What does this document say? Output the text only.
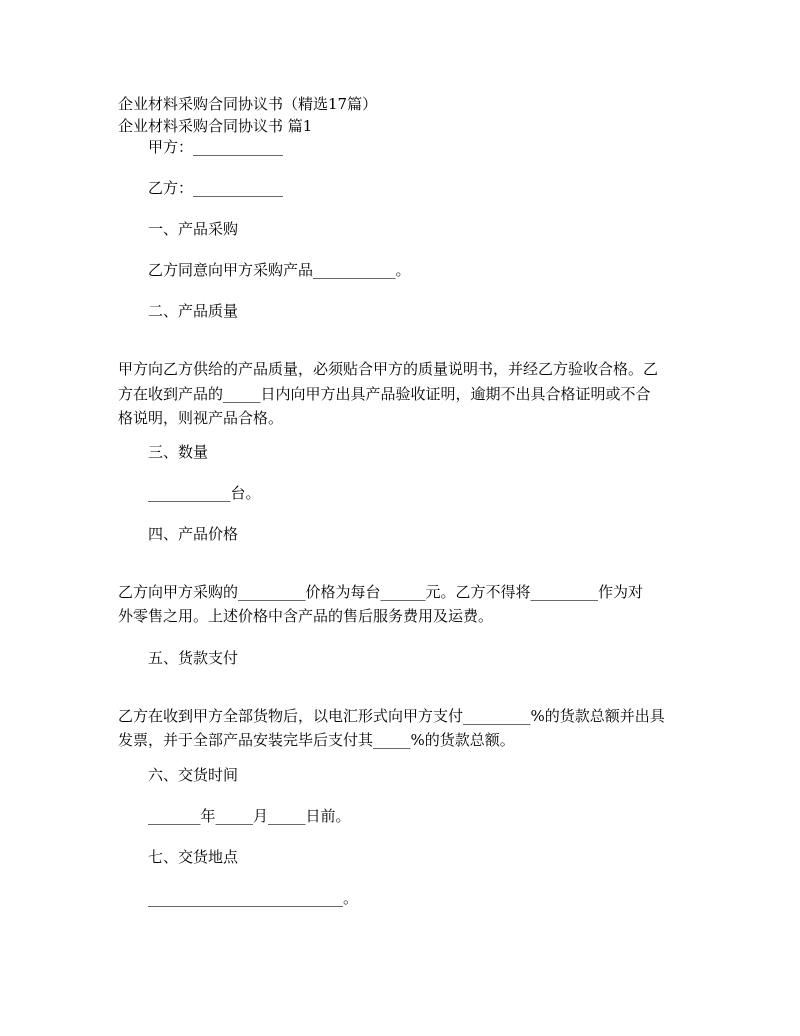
企业材料采购合同协议书（精选17篇）
企业材料采购合同协议书 篇1
甲方：____________
乙方：____________
一、产品采购
乙方同意向甲方采购产品___________。
二、产品质量
甲方向乙方供给的产品质量，必须贴合甲方的质量说明书，并经乙方验收合格。乙
方在收到产品的_____日内向甲方出具产品验收证明，逾期不出具合格证明或不合
格说明，则视产品合格。
三、数量
___________台。
四、产品价格
乙方向甲方采购的_________价格为每台______元。乙方不得将_________作为对
外零售之用。上述价格中含产品的售后服务费用及运费。
五、货款支付
乙方在收到甲方全部货物后，以电汇形式向甲方支付_________%的货款总额并出具
发票，并于全部产品安装完毕后支付其_____%的货款总额。
六、交货时间
_______年_____月_____日前。
七、交货地点
__________________________。
